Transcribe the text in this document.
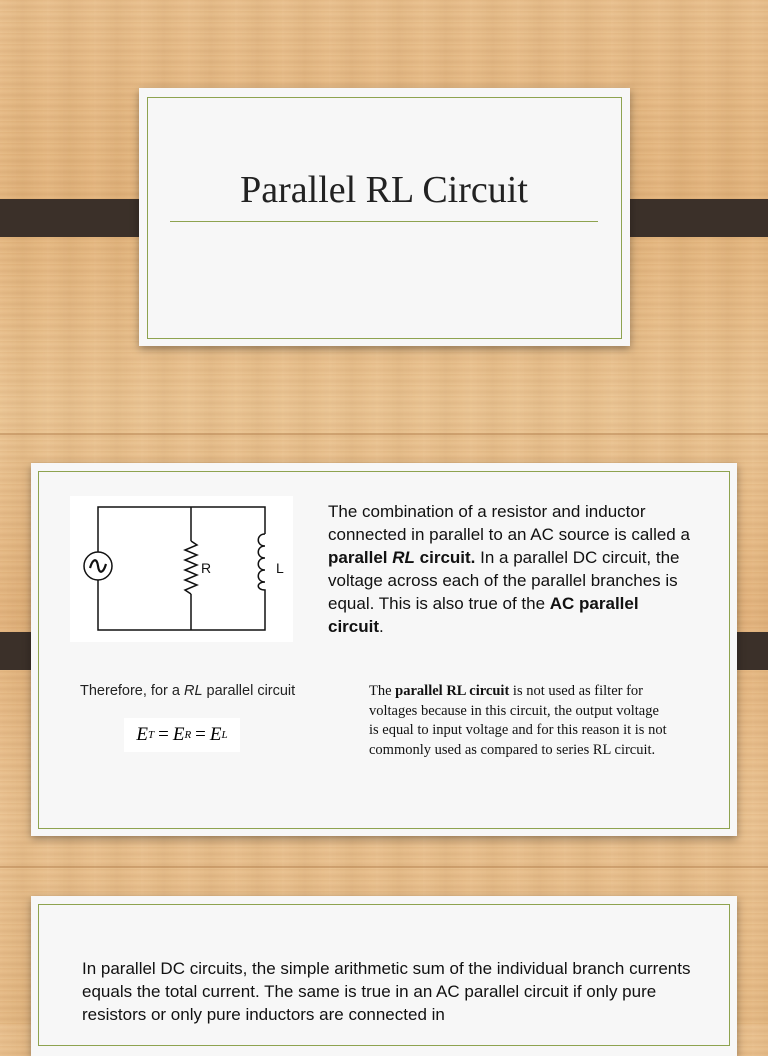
Parallel RL Circuit
R	L

The combination of a resistor and inductor connected in parallel to an AC source is called a parallel RL circuit. In a parallel DC circuit, the voltage across each of the parallel branches is equal. This is also true of the AC parallel circuit.

Therefore, for a RL parallel circuit

E T = E R = E L

The parallel RL circuit is not used as filter for voltages because in this circuit, the output voltage is equal to input voltage and for this reason it is not commonly used as compared to series RL circuit.

In parallel DC circuits, the simple arithmetic sum of the individual branch currents equals the total current. The same is true in an AC parallel circuit if only pure resistors or only pure inductors are connected in
